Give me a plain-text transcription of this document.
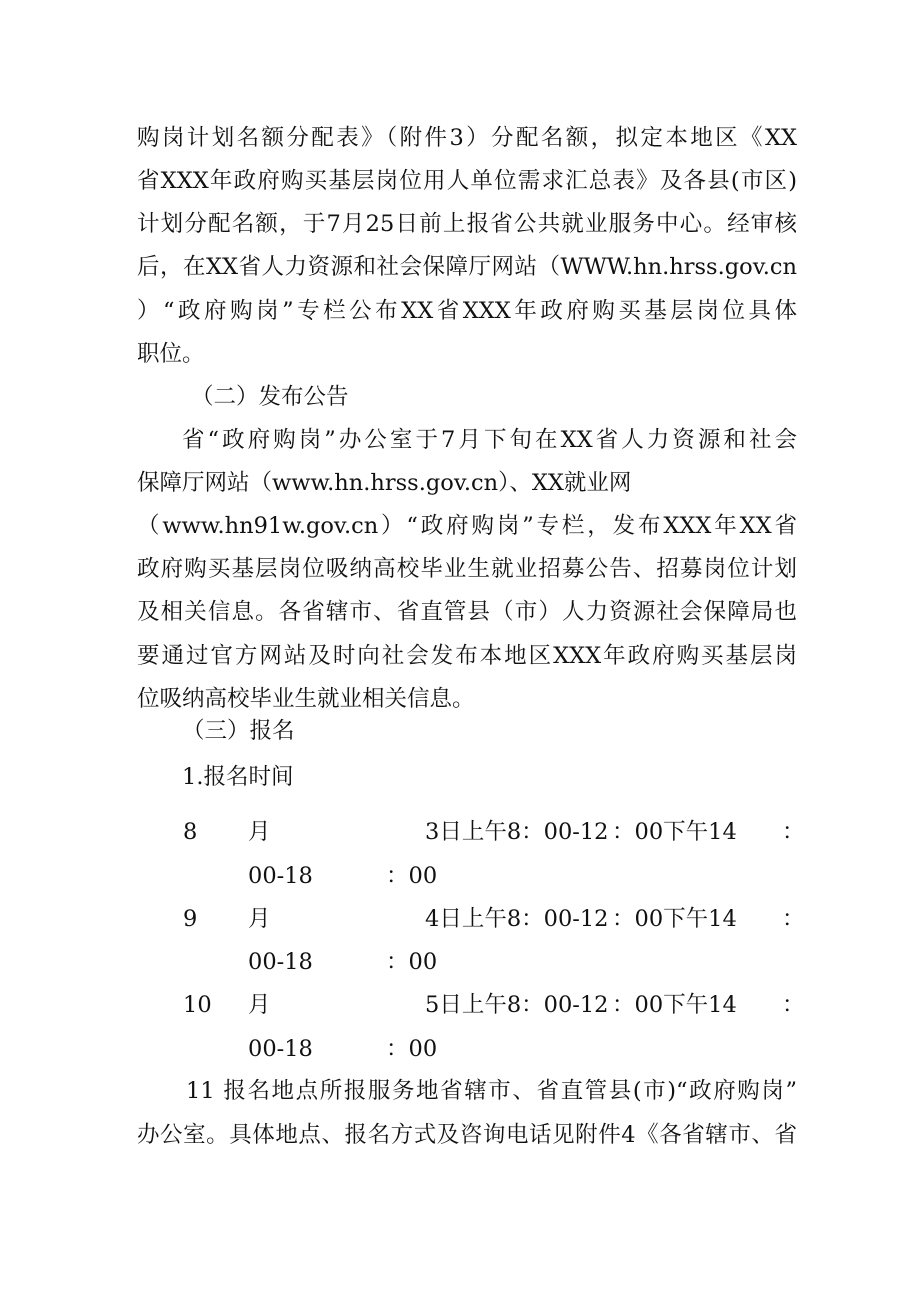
购岗计划名额分配表》（附件3）分配名额，拟定本地区《XX
省XXX年政府购买基层岗位用人单位需求汇总表》及各县(市区)
计划分配名额，于7月25日前上报省公共就业服务中心。经审核
后，在XX省人力资源和社会保障厅网站（WWW.hn.hrss.gov.cn
）“政府购岗”专栏公布XX省XXX年政府购买基层岗位具体
职位。
（二）发布公告
省“政府购岗”办公室于7月下旬在XX省人力资源和社会
保障厅网站（www.hn.hrss.gov.cn）、XX就业网
（www.hn91w.gov.cn）“政府购岗”专栏，发布XXX年XX省
政府购买基层岗位吸纳高校毕业生就业招募公告、招募岗位计划
及相关信息。各省辖市、省直管县（市）人力资源社会保障局也
要通过官方网站及时向社会发布本地区XXX年政府购买基层岗
位吸纳高校毕业生就业相关信息。
（三）报名
1.报名时间
8 月	3日上午8：00-12 ：00下午14 ：
00-18	：00
9 月	4日上午8：00-12 ：00下午14 ：
00-18	：00
10 月	5日上午8：00-12 ：00下午14 ：
00-18	：00
11 报名地点所报服务地省辖市、省直管县(市)“政府购岗”
办公室。具体地点、报名方式及咨询电话见附件4《各省辖市、省
